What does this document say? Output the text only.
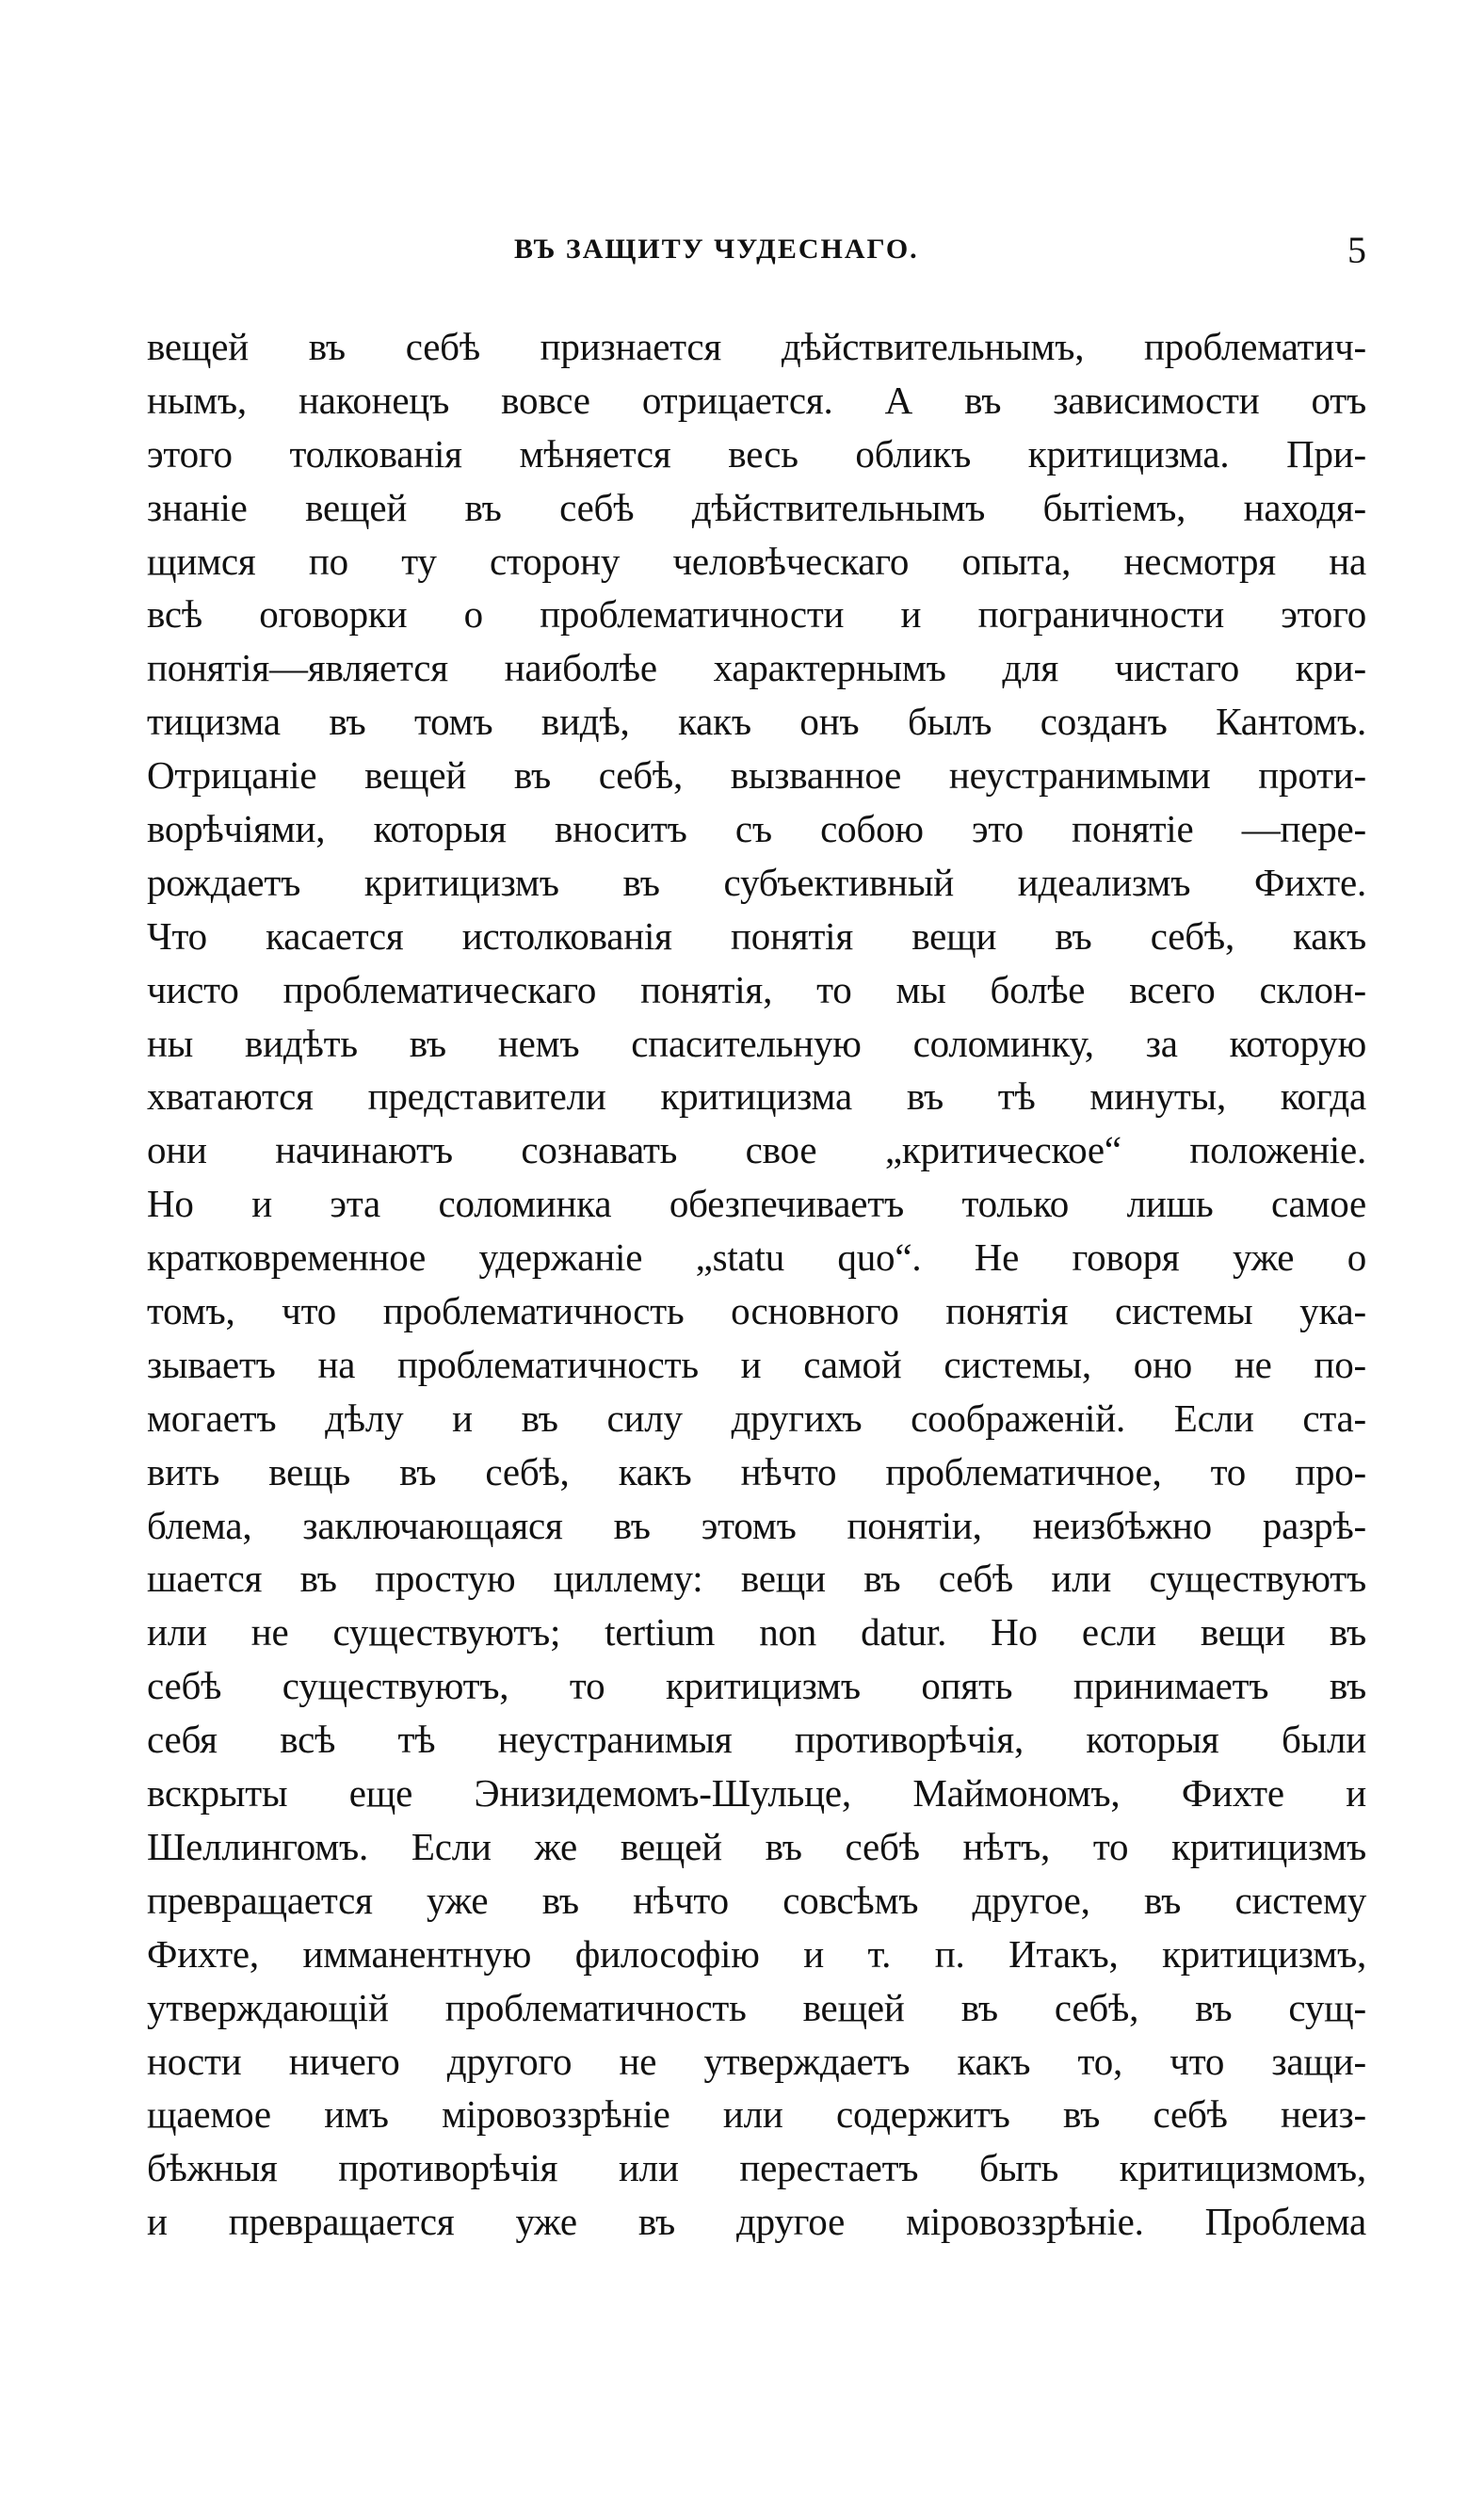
ВЪ ЗАЩИТУ ЧУДЕСНАГО.	5
вещей въ себѣ признается дѣйствительнымъ, проблематич-
нымъ, наконецъ вовсе отрицается. А въ зависимости отъ
этого толкованія мѣняется весь обликъ критицизма. При-
знаніе вещей въ себѣ дѣйствительнымъ бытіемъ, находя-
щимся по ту сторону человѣческаго опыта, несмотря на
всѣ оговорки о проблематичности и пограничности этого
понятія—является наиболѣе характернымъ для чистаго кри-
тицизма въ томъ видѣ, какъ онъ былъ созданъ Кантомъ.
Отрицаніе вещей въ себѣ, вызванное неустранимыми проти-
ворѣчіями, которыя вноситъ съ собою это понятіе —пере-
рождаетъ критицизмъ въ субъективный идеализмъ Фихте.
Что касается истолкованія понятія вещи въ себѣ, какъ
чисто проблематическаго понятія, то мы болѣе всего склон-
ны видѣть въ немъ спасительную соломинку, за которую
хватаются представители критицизма въ тѣ минуты, когда
они начинаютъ сознавать свое „критическое“ положеніе.
Но и эта соломинка обезпечиваетъ только лишь самое
кратковременное удержаніе „statu quo“. Не говоря уже о
томъ, что проблематичность основного понятія системы ука-
зываетъ на проблематичность и самой системы, оно не по-
могаетъ дѣлу и въ силу другихъ соображеній. Если ста-
вить вещь въ себѣ, какъ нѣчто проблематичное, то про-
блема, заключающаяся въ этомъ понятіи, неизбѣжно разрѣ-
шается въ простую циллему: вещи въ себѣ или существуютъ
или не существуютъ; tertium non datur. Но если вещи въ
себѣ существуютъ, то критицизмъ опять принимаетъ въ
себя всѣ тѣ неустранимыя противорѣчія, которыя были
вскрыты еще Энизидемомъ-Шульце, Маймономъ, Фихте и
Шеллингомъ. Если же вещей въ себѣ нѣтъ, то критицизмъ
превращается уже въ нѣчто совсѣмъ другое, въ систему
Фихте, имманентную философію и т. п. Итакъ, критицизмъ,
утверждающій проблематичность вещей въ себѣ, въ сущ-
ности ничего другого не утверждаетъ какъ то, что защи-
щаемое имъ міровоззрѣніе или содержитъ въ себѣ неиз-
бѣжныя противорѣчія или перестаетъ быть критицизмомъ,
и превращается уже въ другое міровоззрѣніе. Проблема
